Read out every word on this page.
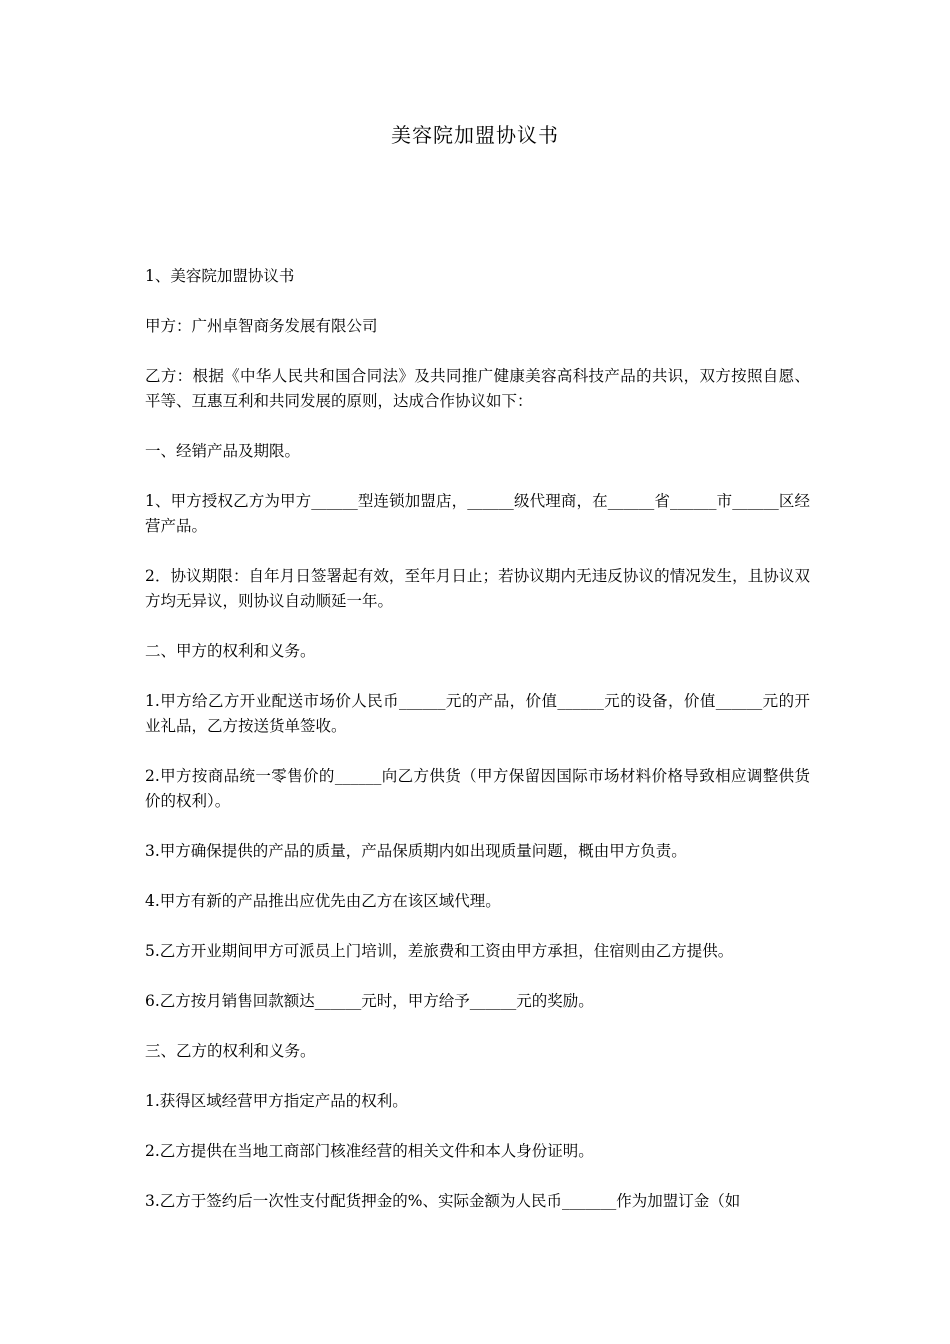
美容院加盟协议书

1、美容院加盟协议书

甲方：广州卓智商务发展有限公司

乙方：根据《中华人民共和国合同法》及共同推广健康美容高科技产品的共识，双方按照自愿、平等、互惠互利和共同发展的原则，达成合作协议如下：

一、经销产品及期限。

1、甲方授权乙方为甲方______型连锁加盟店，______级代理商，在______省______市______区经营产品。

2．协议期限：自年月日签署起有效，至年月日止；若协议期内无违反协议的情况发生，且协议双方均无异议，则协议自动顺延一年。

二、甲方的权利和义务。

1.甲方给乙方开业配送市场价人民币______元的产品，价值______元的设备，价值______元的开业礼品，乙方按送货单签收。

2.甲方按商品统一零售价的______向乙方供货（甲方保留因国际市场材料价格导致相应调整供货价的权利）。

3.甲方确保提供的产品的质量，产品保质期内如出现质量问题，概由甲方负责。

4.甲方有新的产品推出应优先由乙方在该区域代理。

5.乙方开业期间甲方可派员上门培训，差旅费和工资由甲方承担，住宿则由乙方提供。

6.乙方按月销售回款额达______元时，甲方给予______元的奖励。

三、乙方的权利和义务。

1.获得区域经营甲方指定产品的权利。

2.乙方提供在当地工商部门核准经营的相关文件和本人身份证明。

3.乙方于签约后一次性支付配货押金的%、实际金额为人民币_______作为加盟订金（如
